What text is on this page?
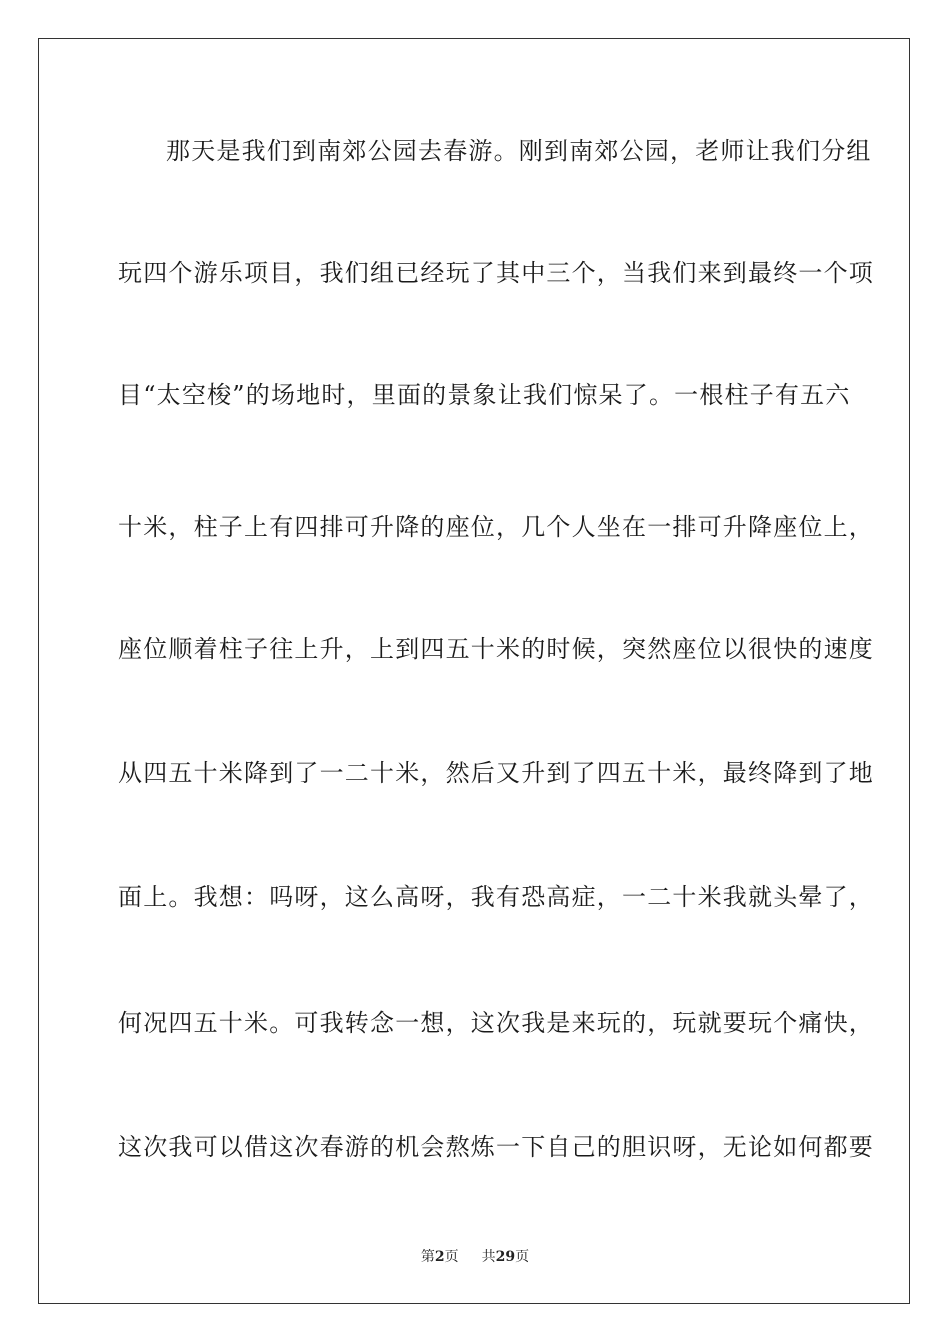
那天是我们到南郊公园去春游。刚到南郊公园，老师让我们分组
玩四个游乐项目，我们组已经玩了其中三个，当我们来到最终一个项
目“太空梭”的场地时，里面的景象让我们惊呆了。一根柱子有五六
十米，柱子上有四排可升降的座位，几个人坐在一排可升降座位上，
座位顺着柱子往上升，上到四五十米的时候，突然座位以很快的速度
从四五十米降到了一二十米，然后又升到了四五十米，最终降到了地
面上。我想：吗呀，这么高呀，我有恐高症，一二十米我就头晕了，
何况四五十米。可我转念一想，这次我是来玩的，玩就要玩个痛快，
这次我可以借这次春游的机会熬炼一下自己的胆识呀，无论如何都要
第2页 共29页
